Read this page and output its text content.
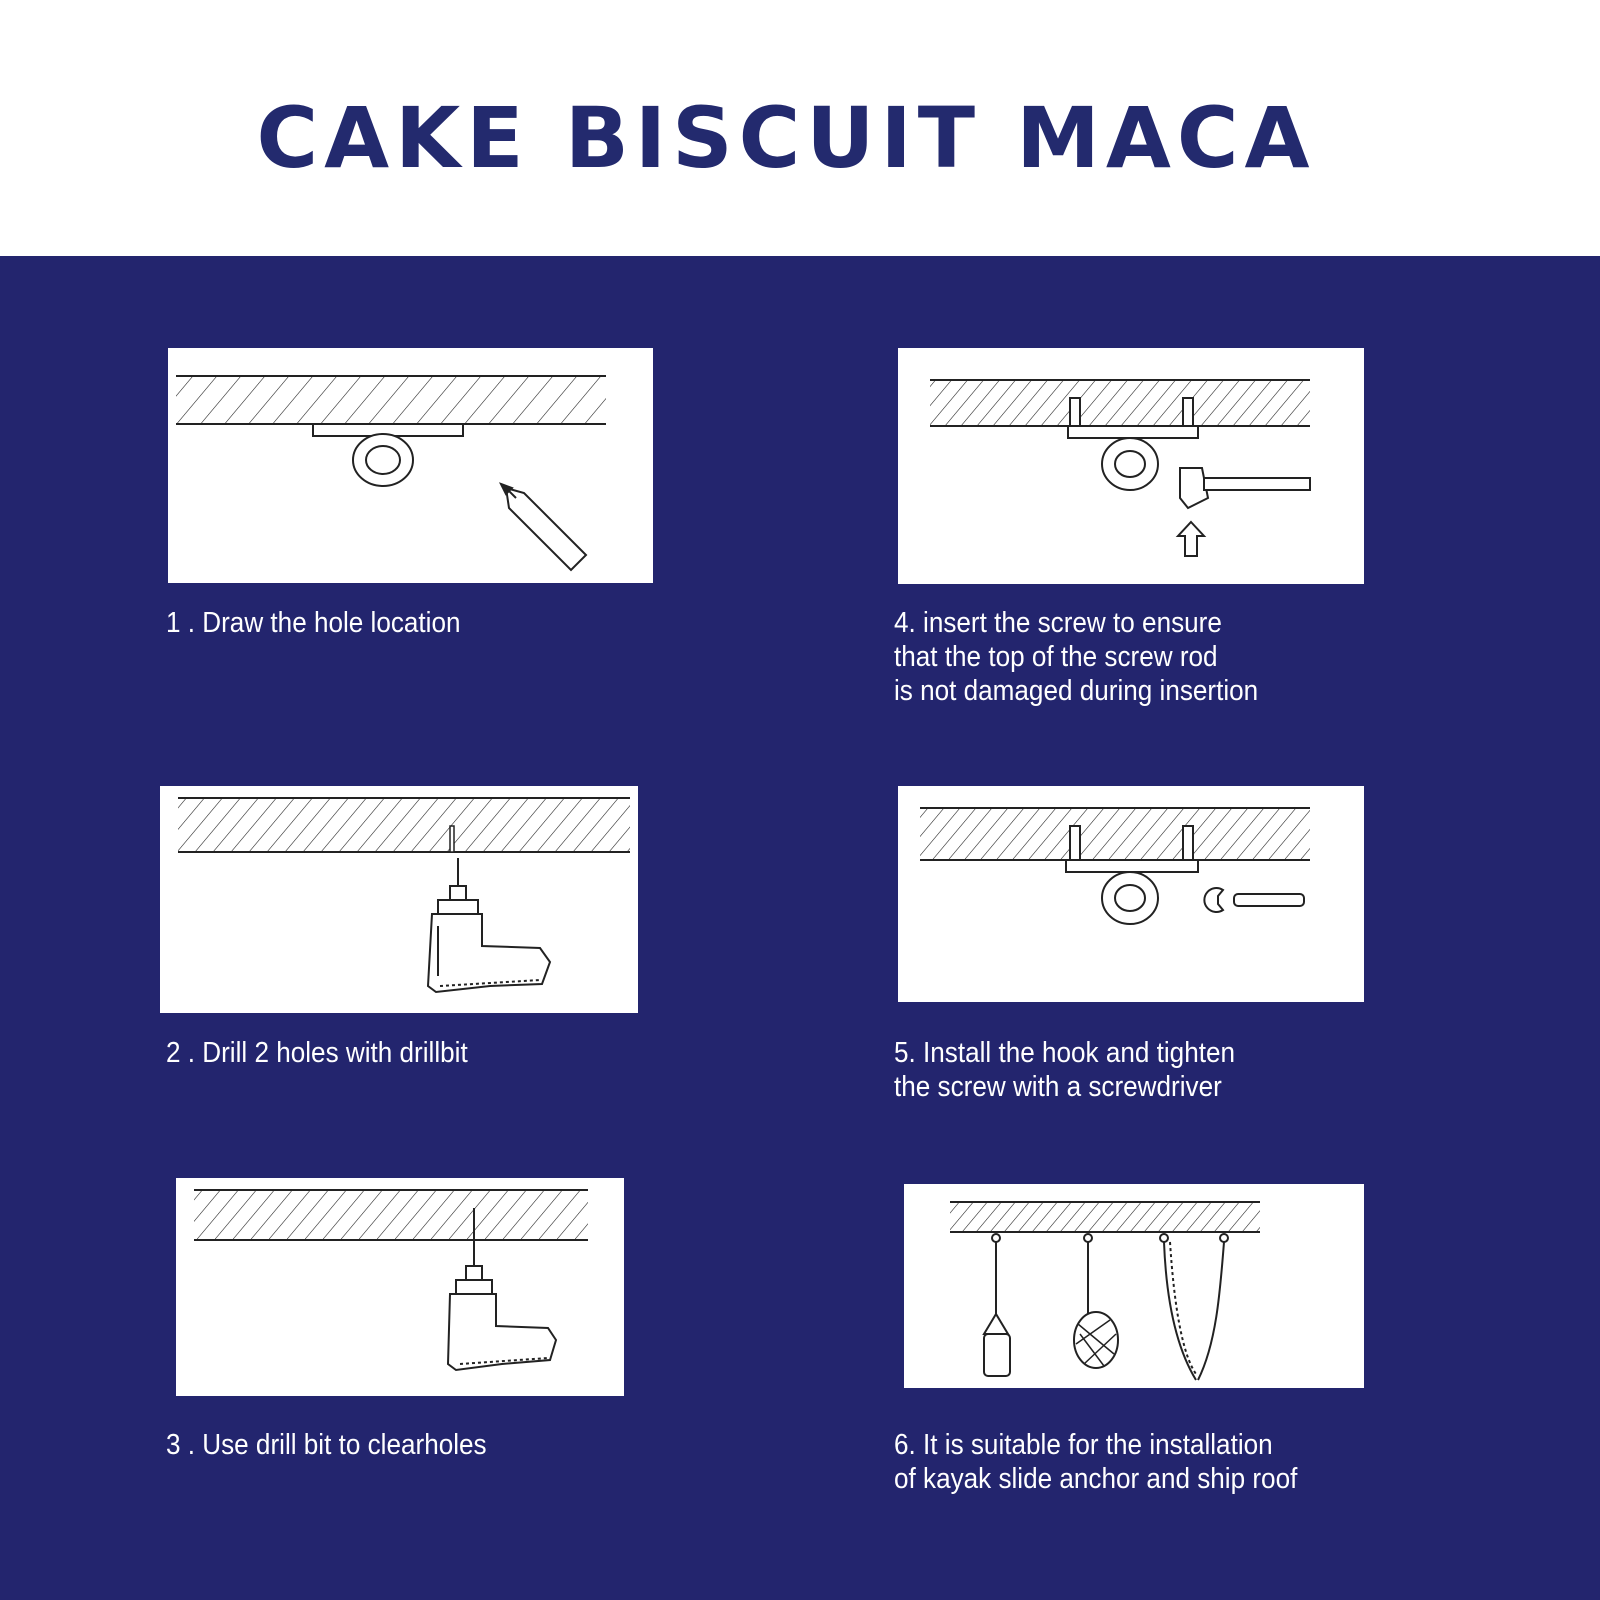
CAKE BISCUIT MACA
1 . Draw the hole location
2 . Drill 2 holes with drillbit
3 . Use drill bit to clearholes
4. insert the screw to ensure
that the top of the screw rod
is not damaged during insertion
5. Install the hook and tighten
the screw with a screwdriver
6. It is suitable for the installation
of kayak slide anchor and ship roof
